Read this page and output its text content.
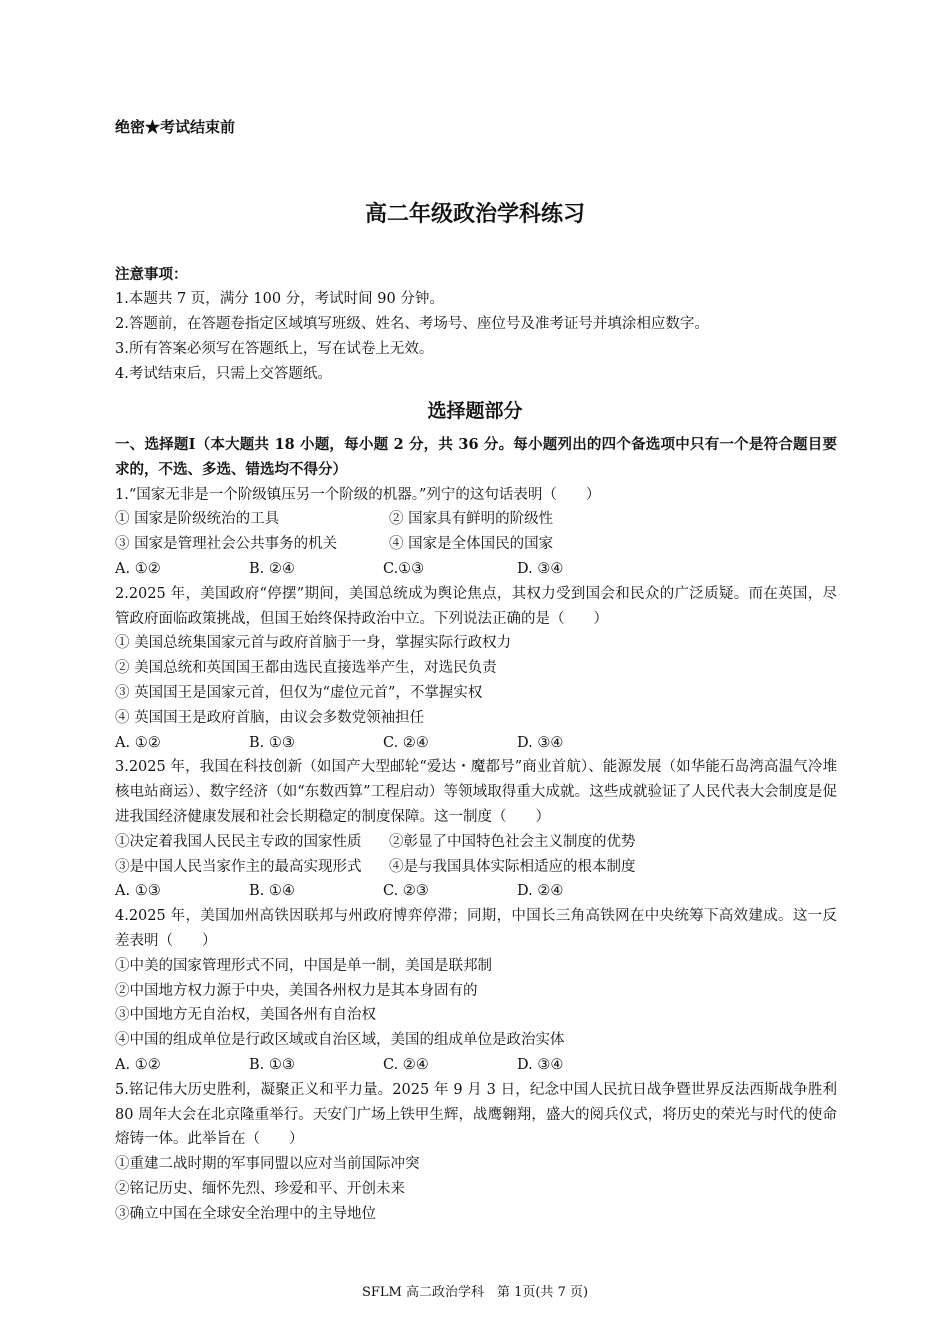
绝密★考试结束前
高二年级政治学科练习
注意事项：
1.本题共 7 页，满分 100 分，考试时间 90 分钟。
2.答题前，在答题卷指定区域填写班级、姓名、考场号、座位号及准考证号并填涂相应数字。
3.所有答案必须写在答题纸上，写在试卷上无效。
4.考试结束后，只需上交答题纸。
选择题部分

一、选择题Ⅰ（本大题共 18 小题，每小题 2 分，共 36 分。每小题列出的四个备选项中只有一个是符合题目要求的，不选、多选、错选均不得分）

1.“国家无非是一个阶级镇压另一个阶级的机器。”列宁的这句话表明（　　）

① 国家是阶级统治的工具	② 国家具有鲜明的阶级性
③ 国家是管理社会公共事务的机关	④ 国家是全体国民的国家
A. ①②	B. ②④	C.①③	D. ③④

2.2025 年，美国政府“停摆”期间，美国总统成为舆论焦点，其权力受到国会和民众的广泛质疑。而在英国，尽管政府面临政策挑战，但国王始终保持政治中立。下列说法正确的是（　　）

① 美国总统集国家元首与政府首脑于一身，掌握实际行政权力

② 美国总统和英国国王都由选民直接选举产生，对选民负责

③ 英国国王是国家元首，但仅为“虚位元首”，不掌握实权

④ 英国国王是政府首脑，由议会多数党领袖担任

A. ①②	B. ①③	C. ②④	D. ③④

3.2025 年，我国在科技创新（如国产大型邮轮“爱达・魔都号”商业首航）、能源发展（如华能石岛湾高温气冷堆核电站商运）、数字经济（如“东数西算”工程启动）等领域取得重大成就。这些成就验证了人民代表大会制度是促进我国经济健康发展和社会长期稳定的制度保障。这一制度（　　）

①决定着我国人民民主专政的国家性质	②彰显了中国特色社会主义制度的优势
③是中国人民当家作主的最高实现形式	④是与我国具体实际相适应的根本制度
A. ①③	B. ①④	C. ②③	D. ②④

4.2025 年，美国加州高铁因联邦与州政府博弈停滞；同期，中国长三角高铁网在中央统筹下高效建成。这一反差表明（　　）

①中美的国家管理形式不同，中国是单一制，美国是联邦制

②中国地方权力源于中央，美国各州权力是其本身固有的

③中国地方无自治权，美国各州有自治权

④中国的组成单位是行政区域或自治区域，美国的组成单位是政治实体

A. ①②	B. ①③	C. ②④	D. ③④

5.铭记伟大历史胜利，凝聚正义和平力量。2025 年 9 月 3 日，纪念中国人民抗日战争暨世界反法西斯战争胜利 80 周年大会在北京隆重举行。天安门广场上铁甲生辉，战鹰翱翔，盛大的阅兵仪式，将历史的荣光与时代的使命熔铸一体。此举旨在（　　）

①重建二战时期的军事同盟以应对当前国际冲突

②铭记历史、缅怀先烈、珍爱和平、开创未来

③确立中国在全球安全治理中的主导地位

SFLM 高二政治学科　第 1页(共 7 页)
